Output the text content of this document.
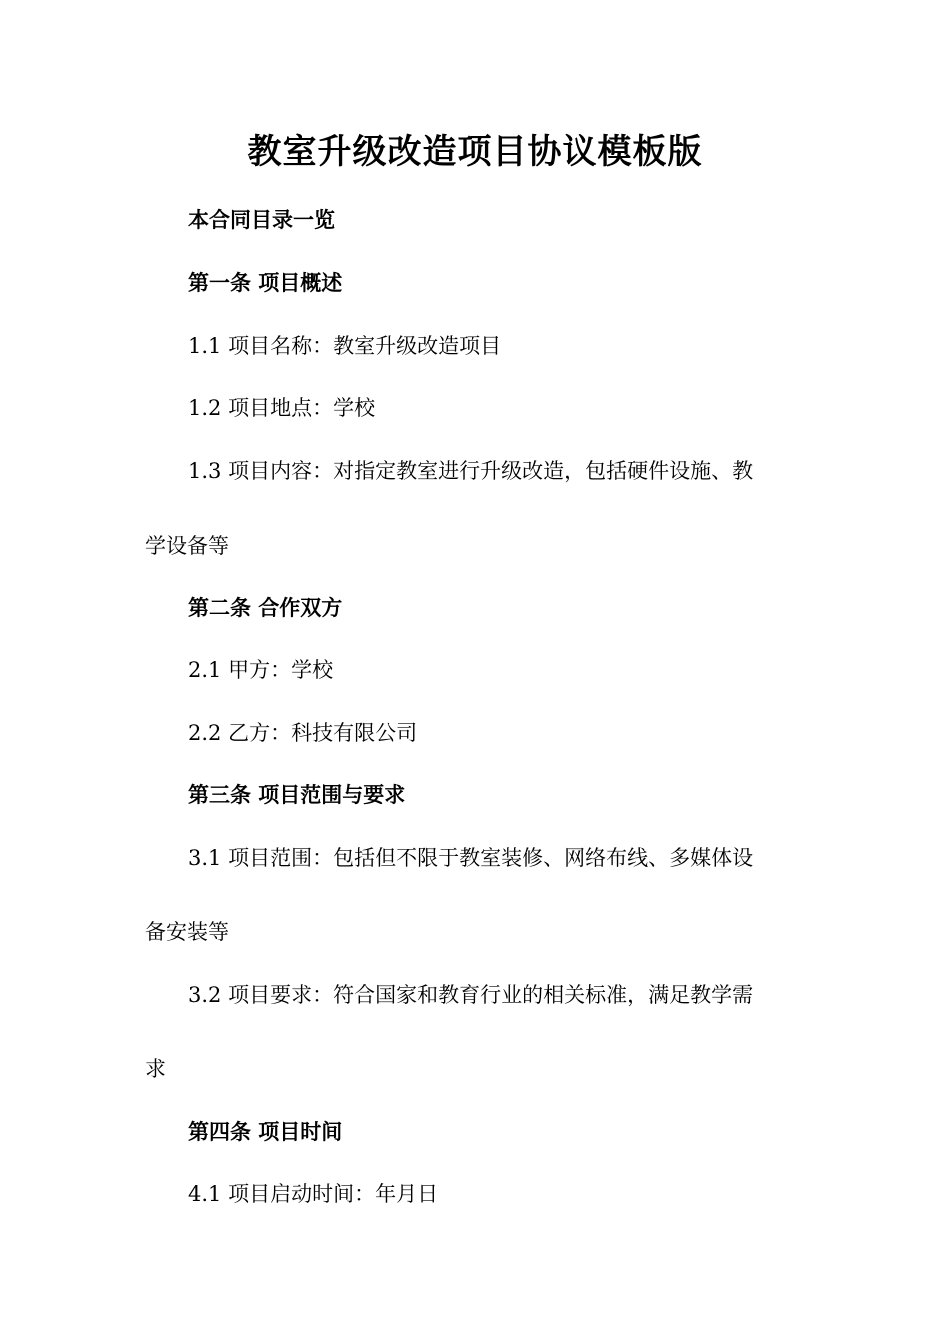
教室升级改造项目协议模板版
本合同目录一览
第一条 项目概述
1.1 项目名称：教室升级改造项目
1.2 项目地点：学校
1.3 项目内容：对指定教室进行升级改造，包括硬件设施、教
学设备等
第二条 合作双方
2.1 甲方：学校
2.2 乙方：科技有限公司
第三条 项目范围与要求
3.1 项目范围：包括但不限于教室装修、网络布线、多媒体设
备安装等
3.2 项目要求：符合国家和教育行业的相关标准，满足教学需
求
第四条 项目时间
4.1 项目启动时间：年月日
